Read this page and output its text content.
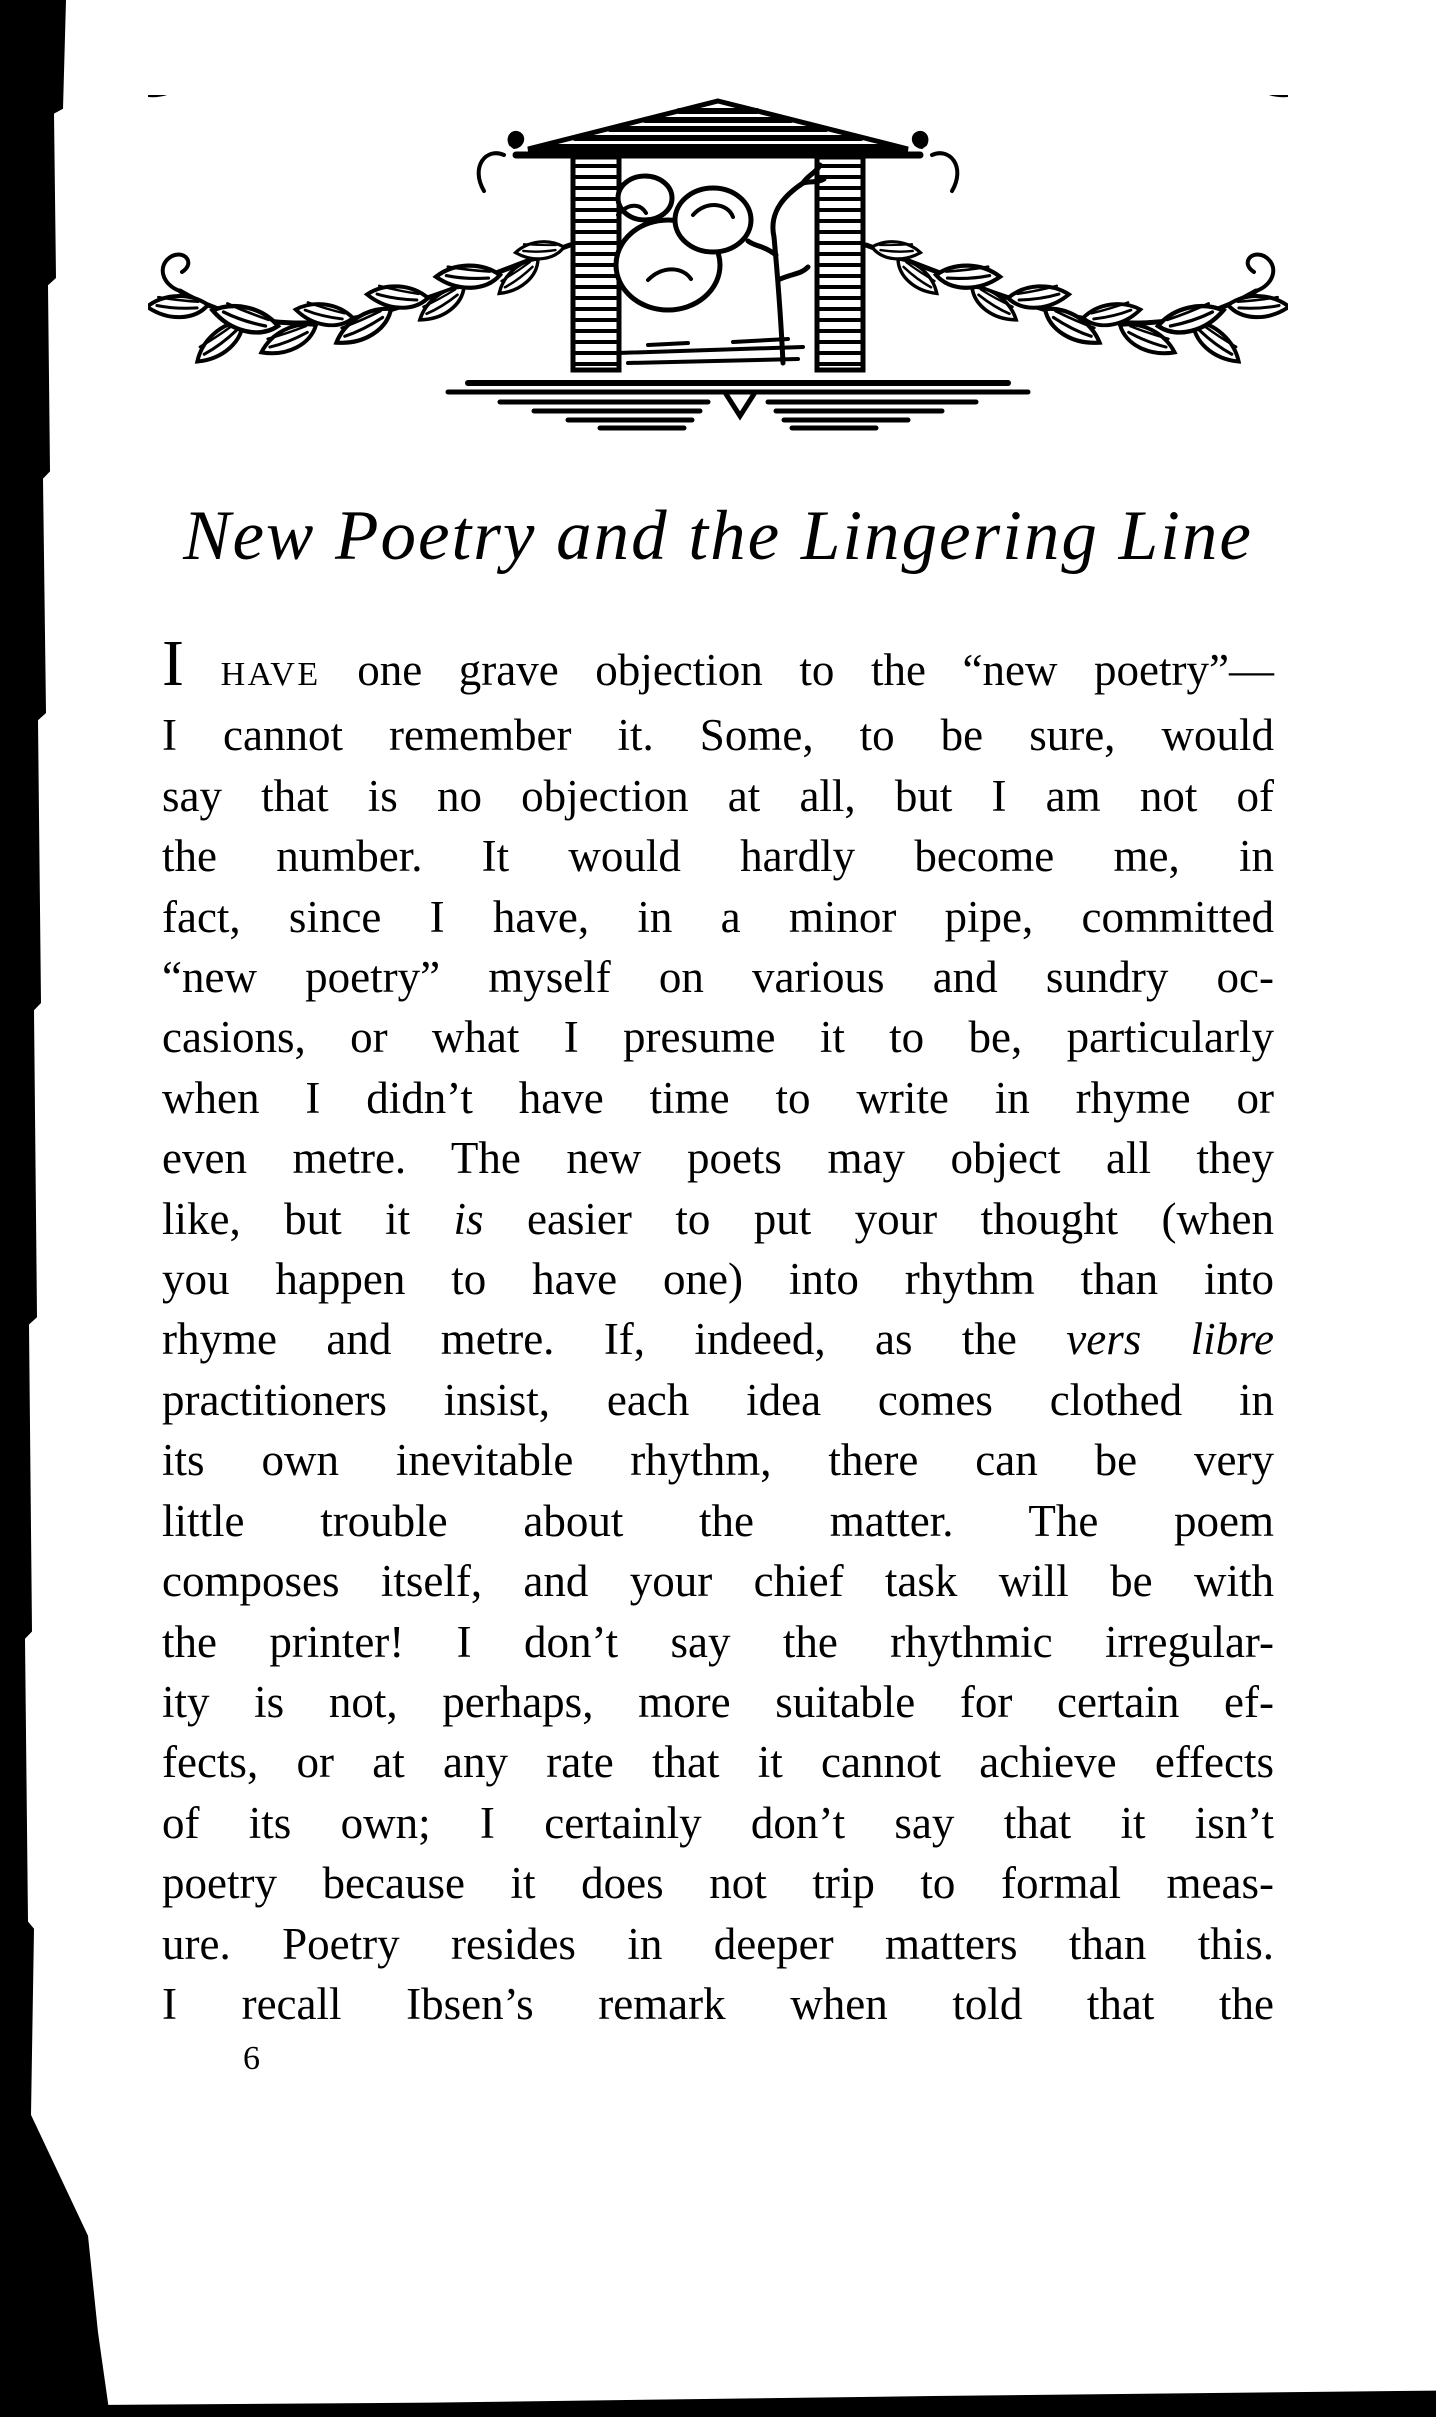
New Poetry and the Lingering Line
I HAVE one grave objection to the “new poetry”—
I cannot remember it. Some, to be sure, would
say that is no objection at all, but I am not of
the number. It would hardly become me, in
fact, since I have, in a minor pipe, committed
“new poetry” myself on various and sundry oc-
casions, or what I presume it to be, particularly
when I didn’t have time to write in rhyme or
even metre. The new poets may object all they
like, but it is easier to put your thought (when
you happen to have one) into rhythm than into
rhyme and metre. If, indeed, as the vers libre
practitioners insist, each idea comes clothed in
its own inevitable rhythm, there can be very
little trouble about the matter. The poem
composes itself, and your chief task will be with
the printer! I don’t say the rhythmic irregular-
ity is not, perhaps, more suitable for certain ef-
fects, or at any rate that it cannot achieve effects
of its own; I certainly don’t say that it isn’t
poetry because it does not trip to formal meas-
ure. Poetry resides in deeper matters than this.
I recall Ibsen’s remark when told that the
6
